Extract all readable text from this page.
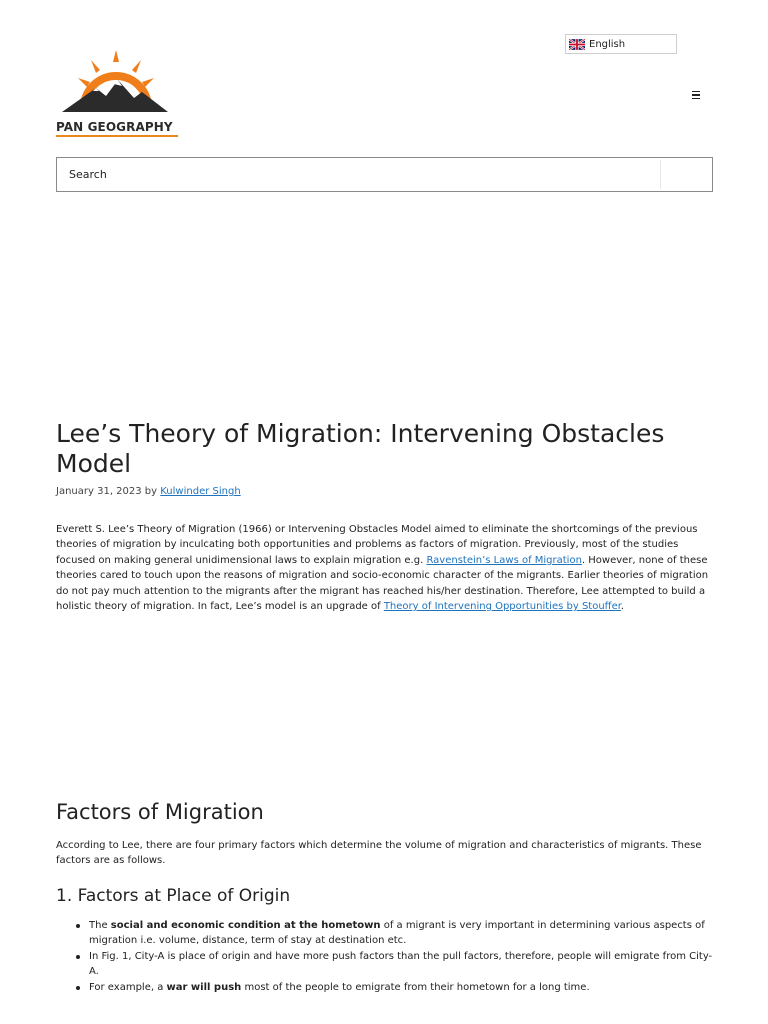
English
PAN GEOGRAPHY
Search
Lee’s Theory of Migration: Intervening Obstacles Model
January 31, 2023 by Kulwinder Singh

Everett S. Lee’s Theory of Migration (1966) or Intervening Obstacles Model aimed to eliminate the shortcomings of the previous theories of migration by inculcating both opportunities and problems as factors of migration. Previously, most of the studies focused on making general unidimensional laws to explain migration e.g. Ravenstein’s Laws of Migration. However, none of these theories cared to touch upon the reasons of migration and socio-economic character of the migrants. Earlier theories of migration do not pay much attention to the migrants after the migrant has reached his/her destination. Therefore, Lee attempted to build a holistic theory of migration. In fact, Lee’s model is an upgrade of Theory of Intervening Opportunities by Stouffer.

Factors of Migration

According to Lee, there are four primary factors which determine the volume of migration and characteristics of migrants. These factors are as follows.

1. Factors at Place of Origin
The social and economic condition at the hometown of a migrant is very important in determining various aspects of migration i.e. volume, distance, term of stay at destination etc.
In Fig. 1, City-A is place of origin and have more push factors than the pull factors, therefore, people will emigrate from City-A.
For example, a war will push most of the people to emigrate from their hometown for a long time.
